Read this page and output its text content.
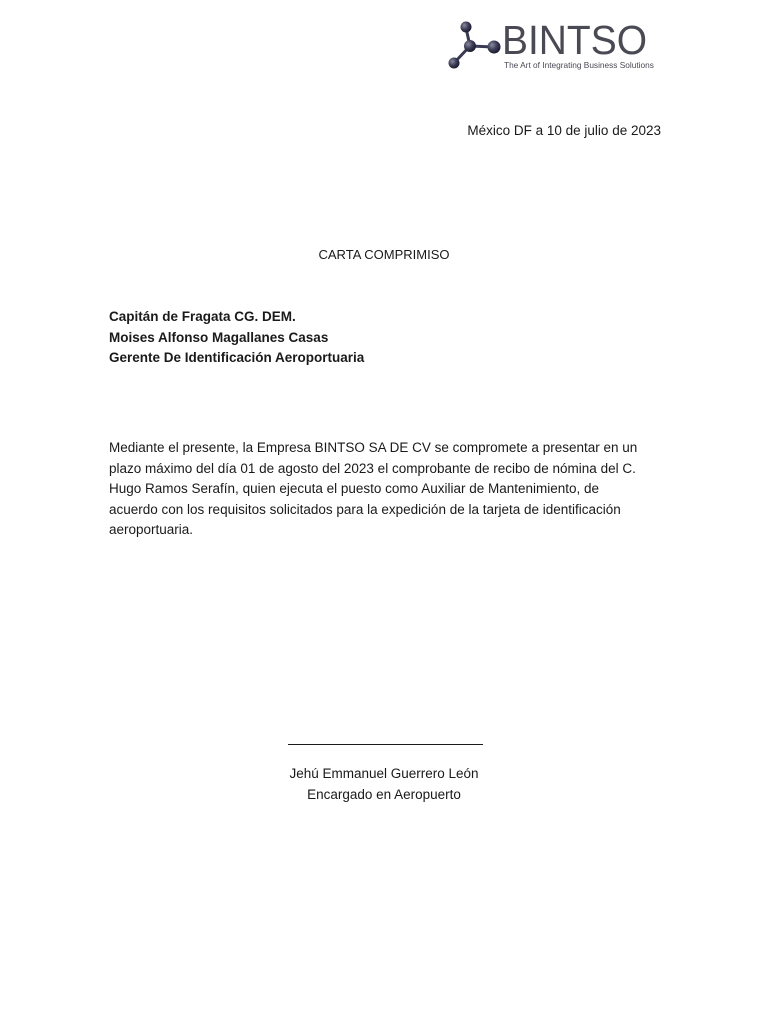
BINTSO
The Art of Integrating Business Solutions
México DF a 10 de julio de 2023
CARTA COMPRIMISO
Capitán de Fragata CG. DEM.
Moises Alfonso Magallanes Casas
Gerente De Identificación Aeroportuaria
Mediante el presente, la Empresa BINTSO SA DE CV se compromete a presentar en un
plazo máximo del día 01 de agosto del 2023 el comprobante de recibo de nómina del C.
Hugo Ramos Serafín, quien ejecuta el puesto como Auxiliar de Mantenimiento, de
acuerdo con los requisitos solicitados para la expedición de la tarjeta de identificación
aeroportuaria.
Jehú Emmanuel Guerrero León
Encargado en Aeropuerto
